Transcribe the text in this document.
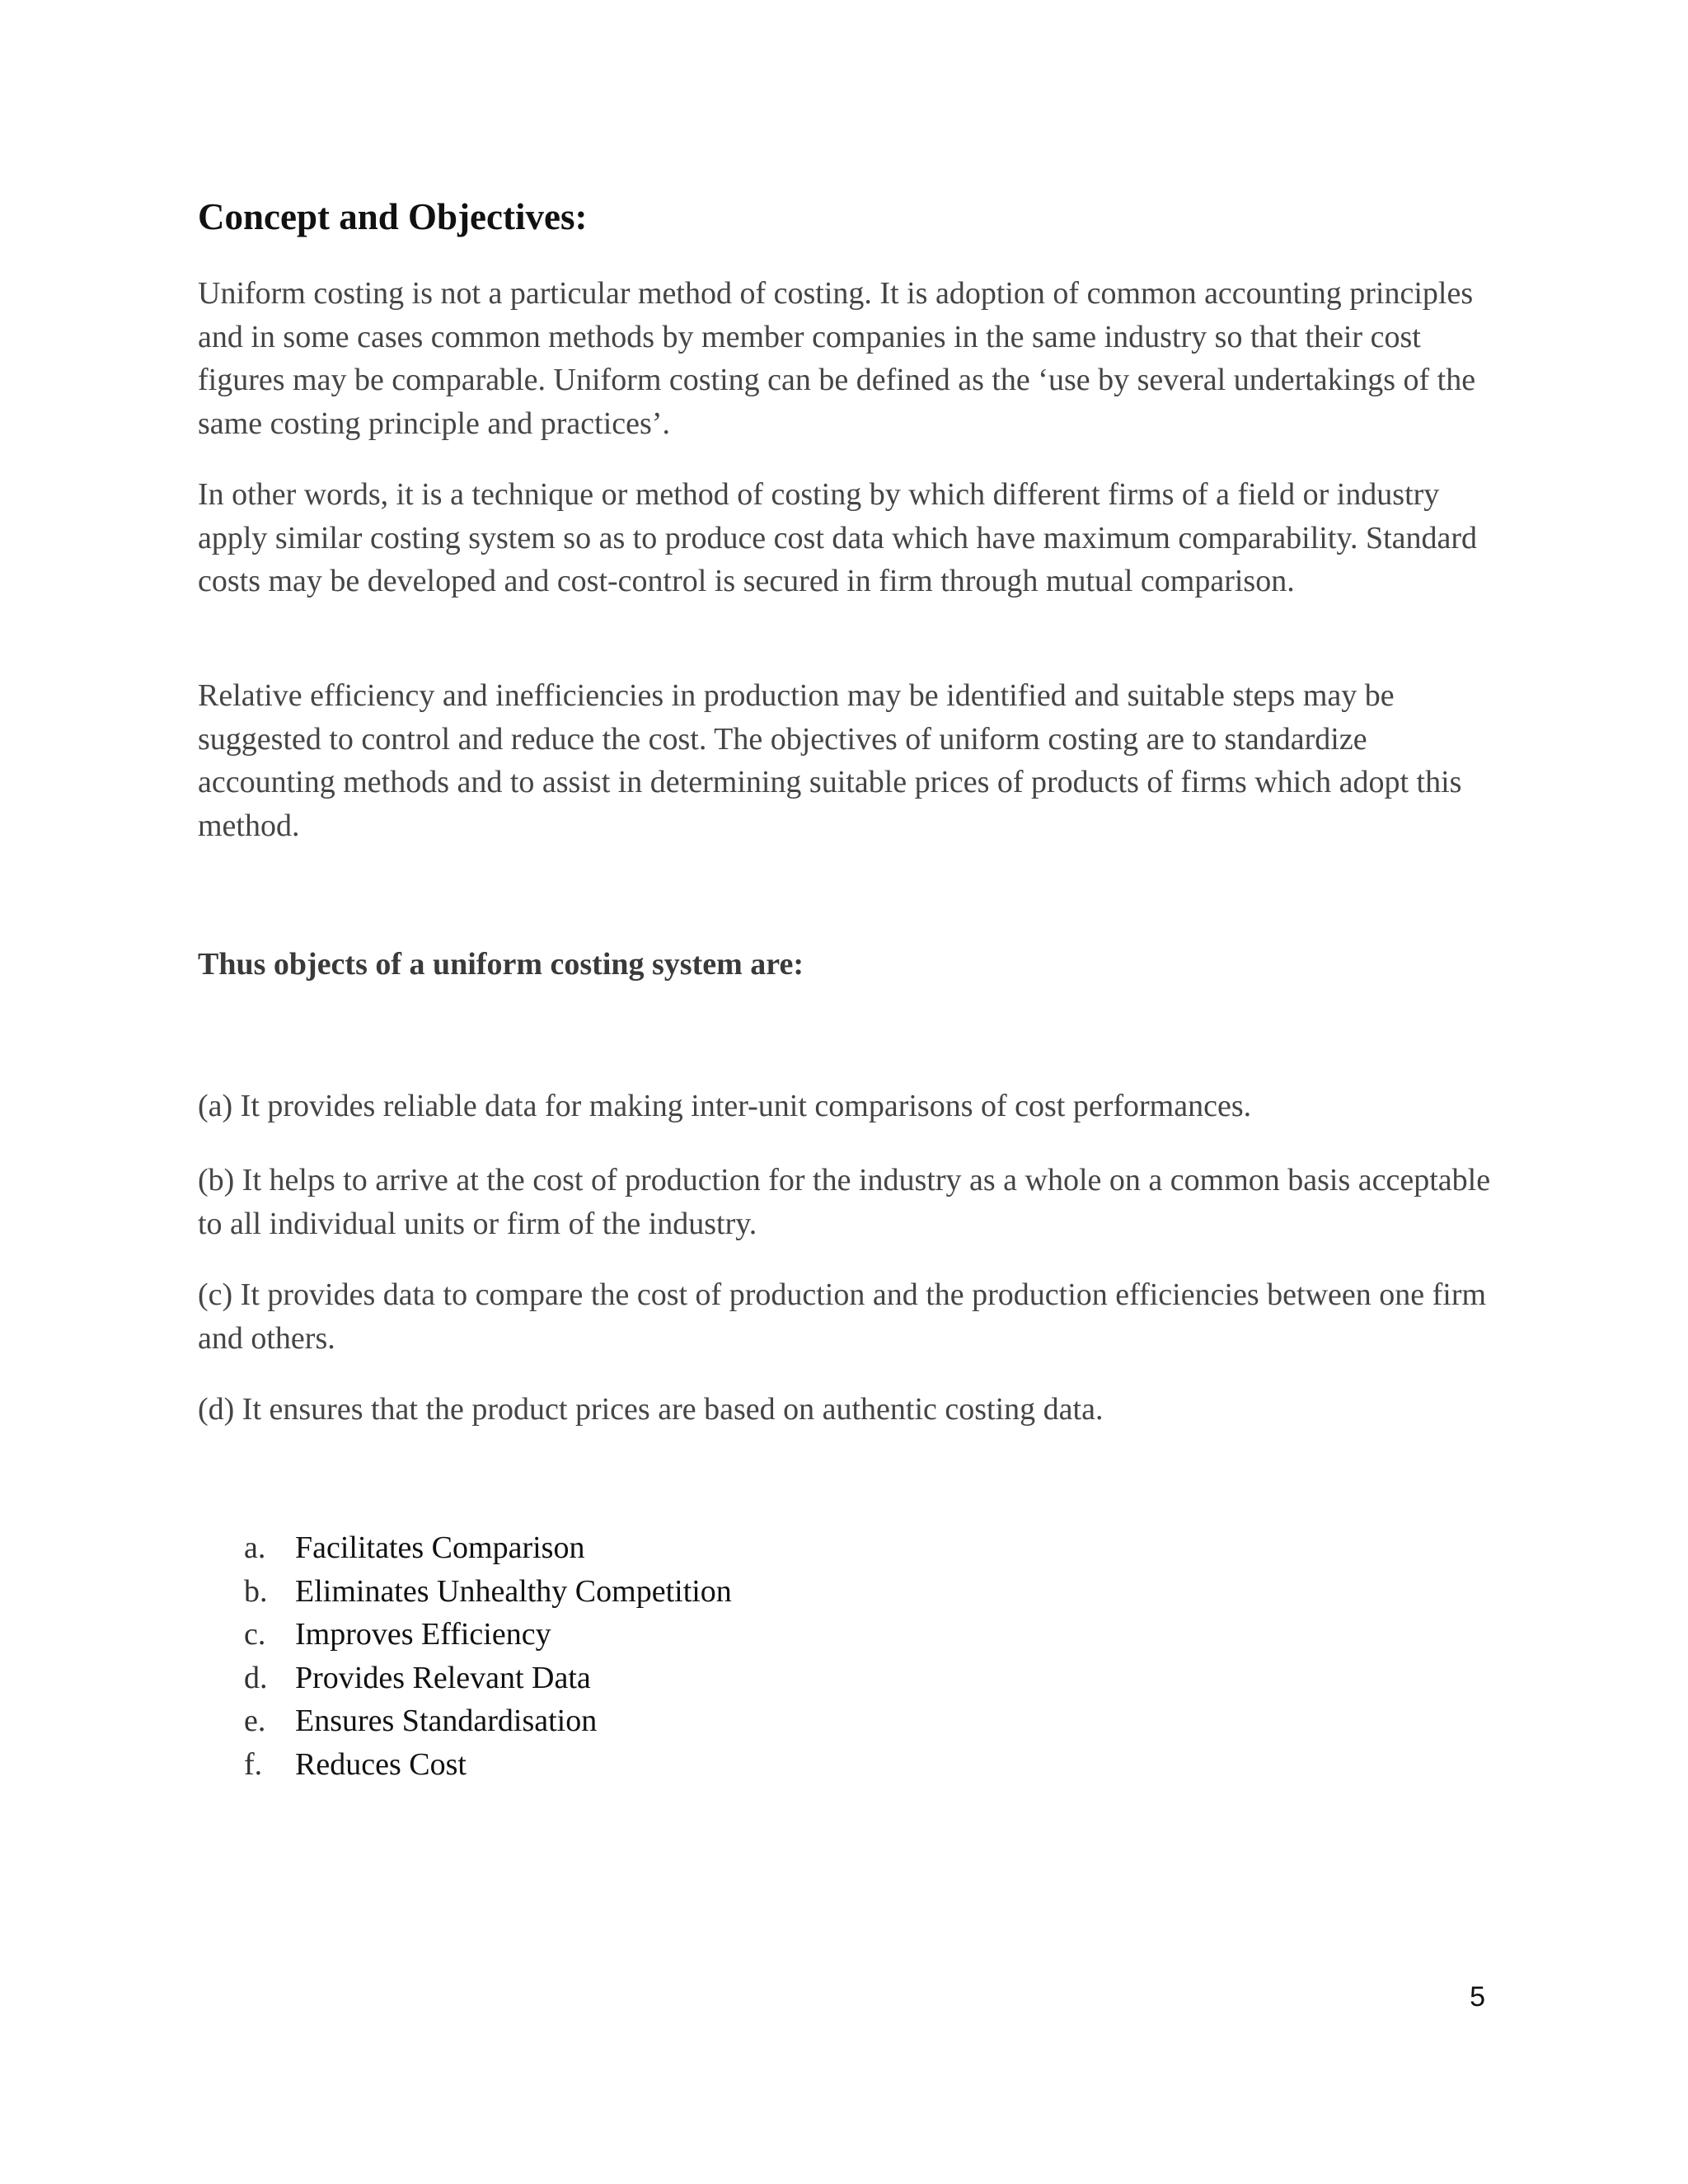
Concept and Objectives:

Uniform costing is not a particular method of costing. It is adoption of common accounting principles and in some cases common methods by member companies in the same industry so that their cost figures may be comparable. Uniform costing can be defined as the ‘use by several undertakings of the same costing principle and practices’.

In other words, it is a technique or method of costing by which different firms of a field or industry apply similar costing system so as to produce cost data which have maximum comparability. Standard costs may be developed and cost-control is secured in firm through mutual comparison.

Relative efficiency and inefficiencies in production may be identified and suitable steps may be suggested to control and reduce the cost. The objectives of uniform costing are to standardize accounting methods and to assist in determining suitable prices of products of firms which adopt this method.

Thus objects of a uniform costing system are:

(a) It provides reliable data for making inter-unit comparisons of cost performances.

(b) It helps to arrive at the cost of production for the industry as a whole on a common basis acceptable to all individual units or firm of the industry.

(c) It provides data to compare the cost of production and the production efficiencies between one firm and others.

(d) It ensures that the product prices are based on authentic costing data.

a. Facilitates Comparison
b. Eliminates Unhealthy Competition
c. Improves Efficiency
d. Provides Relevant Data
e. Ensures Standardisation
f.	Reduces Cost
5
